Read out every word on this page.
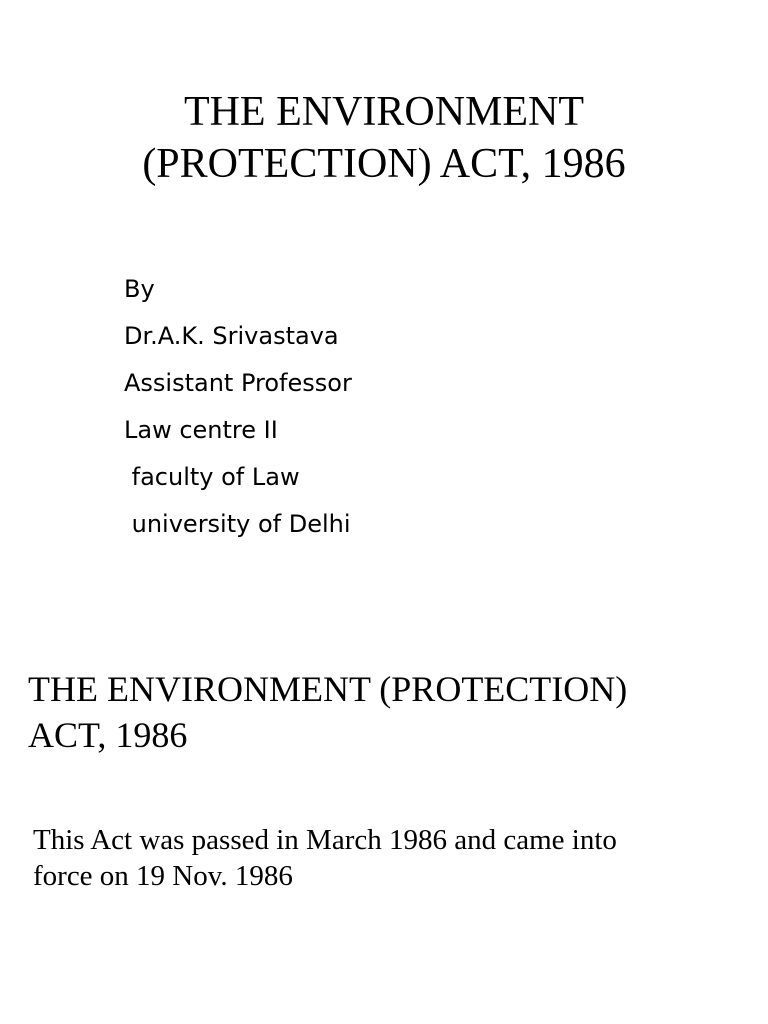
THE ENVIRONMENT
(PROTECTION) ACT, 1986
By
Dr.A.K. Srivastava
Assistant Professor
Law centre II
faculty of Law
university of Delhi
THE ENVIRONMENT (PROTECTION)
ACT, 1986

This Act was passed in March 1986 and came into
force on 19 Nov. 1986
